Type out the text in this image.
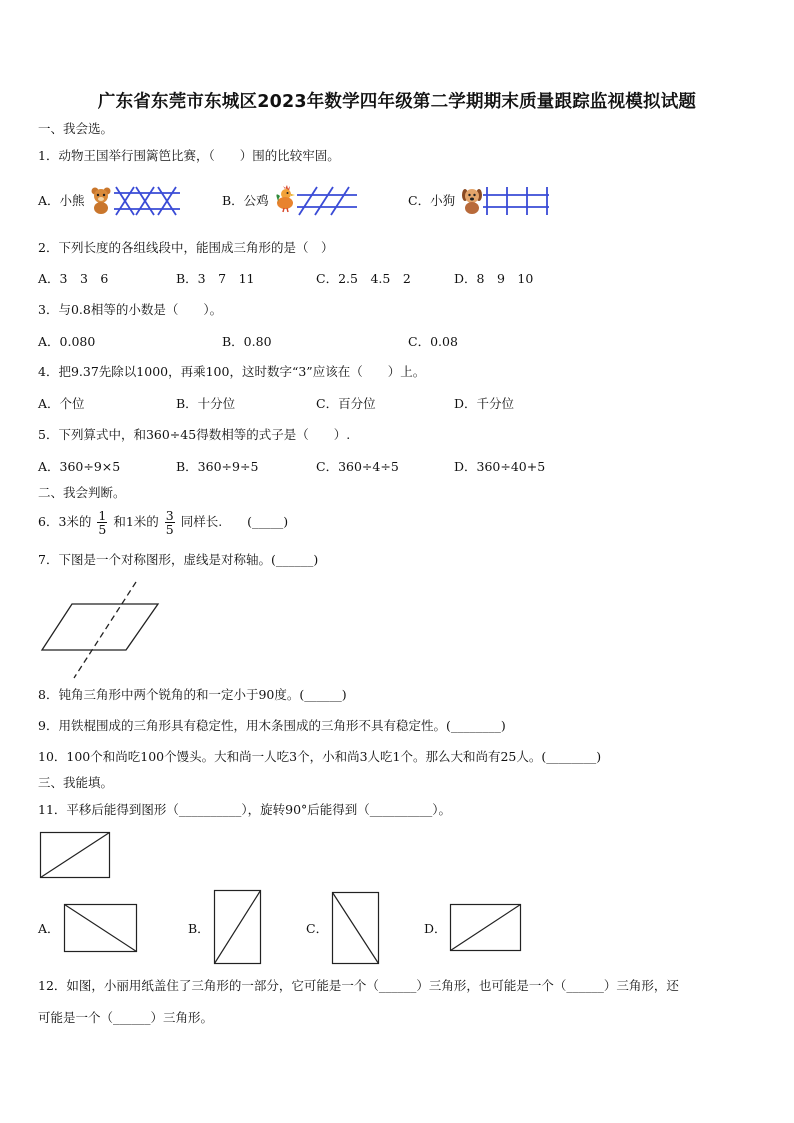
广东省东莞市东城区2023年数学四年级第二学期期末质量跟踪监视模拟试题
一、我会选。
1．动物王国举行围篱笆比赛，（　　）围的比较牢固。
A．小熊	B．公鸡	C．小狗
2．下列长度的各组线段中，能围成三角形的是（　）
A．3　3　6	B．3　7　11	C．2.5　4.5　2	D．8　9　10
3．与0.8相等的小数是（　　）。
A．0.080	B．0.80	C．0.08
4．把9.37先除以1000，再乘100，这时数字“3”应该在（　　）上。
A．个位	B．十分位	C．百分位	D．千分位
5．下列算式中，和360÷45得数相等的式子是（　　）.
A．360÷9×5	B．360÷9÷5	C．360÷4÷5	D．360÷40+5
二、我会判断。
6．3米的 $\frac{1}{5}$ 和1米的 $\frac{3}{5}$ 同样长.　　(_____)
7．下图是一个对称图形，虚线是对称轴。(______)
8．钝角三角形中两个锐角的和一定小于90度。(______)
9．用铁棍围成的三角形具有稳定性，用木条围成的三角形不具有稳定性。(________)
10．100个和尚吃100个馒头。大和尚一人吃3个，小和尚3人吃1个。那么大和尚有25人。(________)
三、我能填。
11．平移后能得到图形（__________），旋转90°后能得到（__________）。
A．	B．	C．	D．
12．如图，小丽用纸盖住了三角形的一部分，它可能是一个（______）三角形，也可能是一个（______）三角形，还
可能是一个（______）三角形。
